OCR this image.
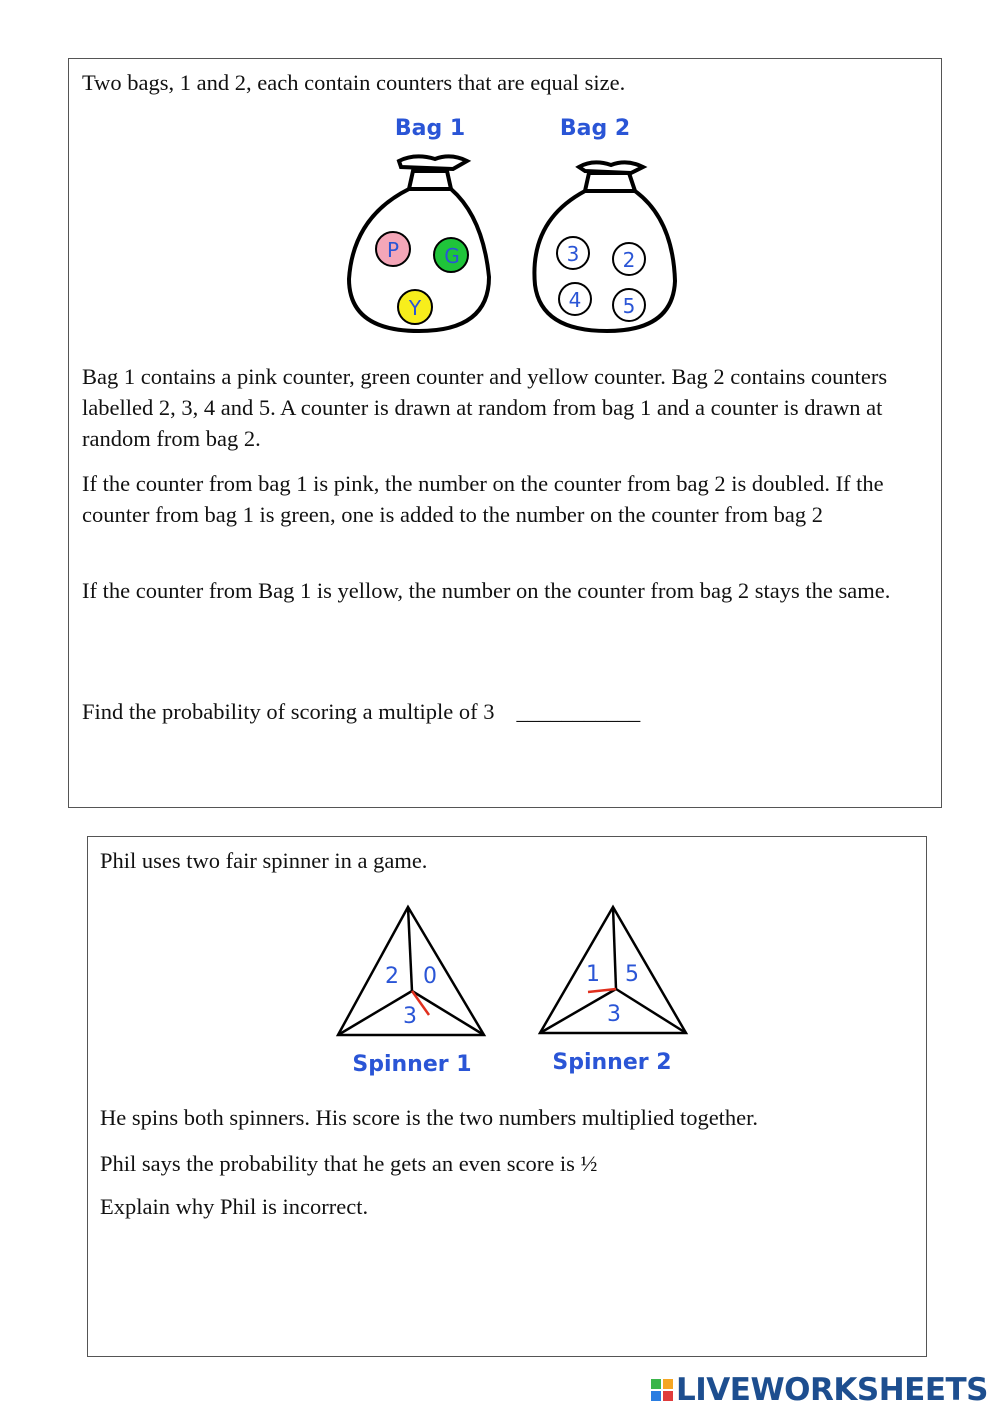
Two bags, 1 and 2, each contain counters that are equal size.

Bag 1
P G
Y
Bag 2
3 2
4 5

Bag 1 contains a pink counter, green counter and yellow counter. Bag 2 contains counters labelled 2, 3, 4 and 5. A counter is drawn at random from bag 1 and a counter is drawn at random from bag 2.

If the counter from bag 1 is pink, the number on the counter from bag 2 is doubled. If the counter from bag 1 is green, one is added to the number on the counter from bag 2

If the counter from Bag 1 is yellow, the number on the counter from bag 2 stays the same.

Find the probability of scoring a multiple of 3 ___________

Phil uses two fair spinner in a game.

2 0
3
Spinner 1
1 5
3
Spinner 2

He spins both spinners. His score is the two numbers multiplied together.

Phil says the probability that he gets an even score is ½

Explain why Phil is incorrect.

LIVEWORKSHEETS
